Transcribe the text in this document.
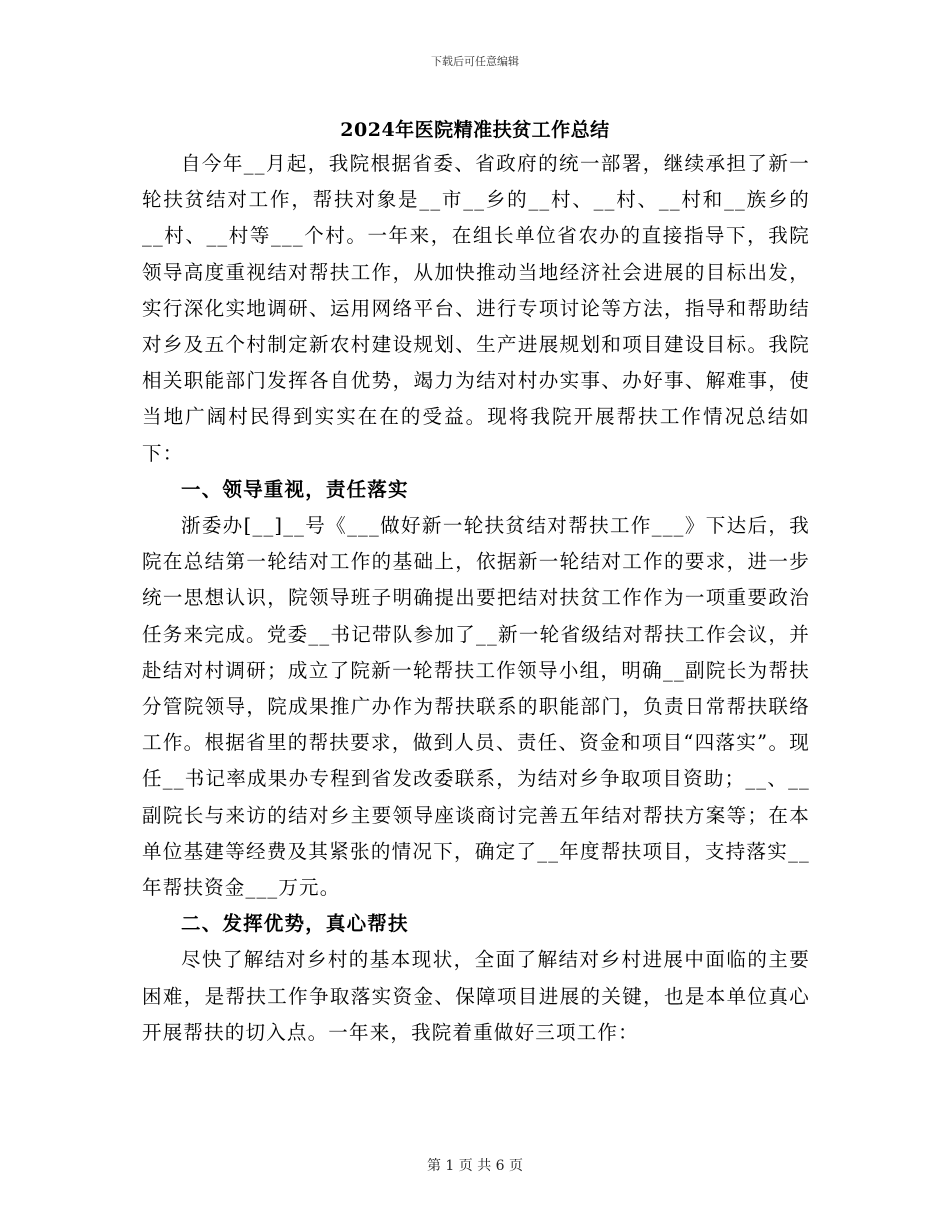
下载后可任意编辑
2024年医院精准扶贫工作总结

自今年__月起，我院根据省委、省政府的统一部署，继续承担了新一轮扶贫结对工作，帮扶对象是__市__乡的__村、__村、__村和__族乡的__村、__村等___个村。一年来，在组长单位省农办的直接指导下，我院领导高度重视结对帮扶工作，从加快推动当地经济社会进展的目标出发，实行深化实地调研、运用网络平台、进行专项讨论等方法，指导和帮助结对乡及五个村制定新农村建设规划、生产进展规划和项目建设目标。我院相关职能部门发挥各自优势，竭力为结对村办实事、办好事、解难事，使当地广阔村民得到实实在在的受益。现将我院开展帮扶工作情况总结如下：

一、领导重视，责任落实

浙委办[__]__号《___做好新一轮扶贫结对帮扶工作___》下达后，我院在总结第一轮结对工作的基础上，依据新一轮结对工作的要求，进一步统一思想认识，院领导班子明确提出要把结对扶贫工作作为一项重要政治任务来完成。党委__书记带队参加了__新一轮省级结对帮扶工作会议，并赴结对村调研；成立了院新一轮帮扶工作领导小组，明确__副院长为帮扶分管院领导，院成果推广办作为帮扶联系的职能部门，负责日常帮扶联络工作。根据省里的帮扶要求，做到人员、责任、资金和项目“四落实”。现任__书记率成果办专程到省发改委联系，为结对乡争取项目资助；__、__副院长与来访的结对乡主要领导座谈商讨完善五年结对帮扶方案等；在本单位基建等经费及其紧张的情况下，确定了__年度帮扶项目，支持落实__年帮扶资金___万元。

二、发挥优势，真心帮扶

尽快了解结对乡村的基本现状，全面了解结对乡村进展中面临的主要困难，是帮扶工作争取落实资金、保障项目进展的关键，也是本单位真心开展帮扶的切入点。一年来，我院着重做好三项工作：

第 1 页 共 6 页
